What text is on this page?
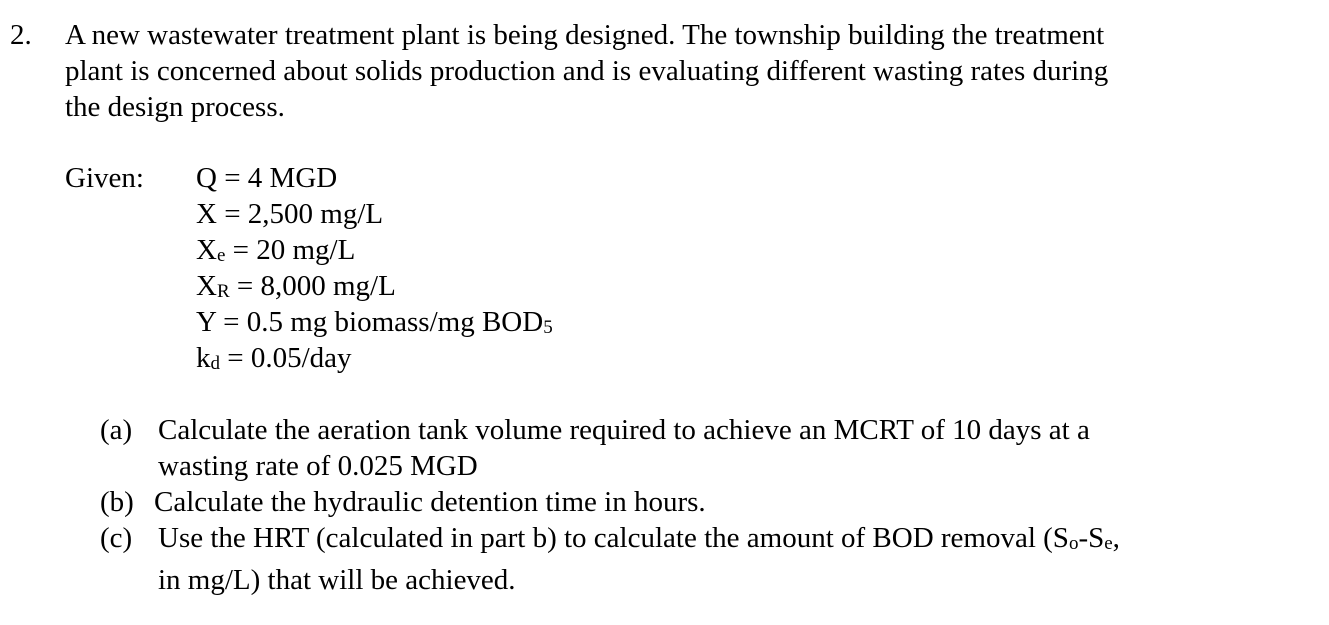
2. A new wastewater treatment plant is being designed. The township building the treatment
plant is concerned about solids production and is evaluating different wasting rates during
the design process.
Given: Q = 4 MGD
X = 2,500 mg/L
Xe = 20 mg/L
XR = 8,000 mg/L
Y = 0.5 mg biomass/mg BOD5
kd = 0.05/day
(a) Calculate the aeration tank volume required to achieve an MCRT of 10 days at a
wasting rate of 0.025 MGD
(b) Calculate the hydraulic detention time in hours.
(c) Use the HRT (calculated in part b) to calculate the amount of BOD removal (So-Se,
in mg/L) that will be achieved.
